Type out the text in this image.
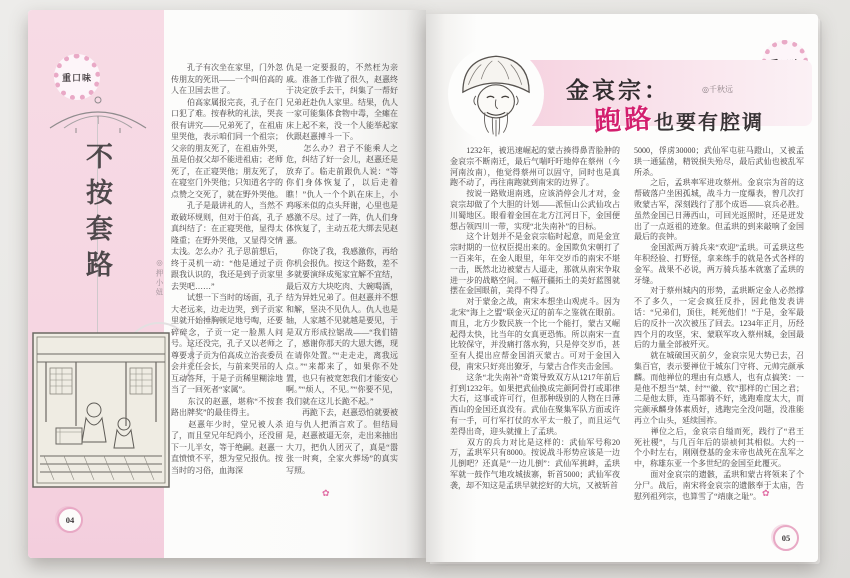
重口味
不按套路	◎押小妞
04

　　孔子有次坐在家里，门外忽传朋友的死讯——一个叫伯高的人在卫国去世了。

　　伯高家属报完丧，孔子在门口犯了难。按春秋的礼法，哭丧很有讲究——兄弟死了，在祖庙里哭他，表示咱们同一个祖宗；父亲的朋友死了，在祖庙外哭，虽是伯叔父却不能进祖庙；老师死了，在正寝哭他；朋友死了，在寝室门外哭他；只知道名字的点赞之交死了，就在野外哭他。

　　孔子是最讲礼的人，当然不敢破坏规则，但对于伯高，孔子真纠结了：在正寝哭他，显得太隆重；在野外哭他，又显得交情太浅。怎么办？孔子思前想后，终于灵机一动：“他是通过子贡跟我认识的，我还是到子贡家里去哭吧……”

　　试想一下当时的场面，孔子大老远来，边走边哭，到子贡家里就开始捶胸顿足地号啕，还要碎碎念，子贡一定一脸黑人问号。这还没完，孔子又以老师之尊要求子贡为伯高成立治丧委员会并充任会长，与前来哭吊的人互动答拜，于是子贡稀里糊涂地当了一回死者“家属”。

　　东汉的赵憙，堪称“不按套路出牌奖”的最佳得主。

　　赵憙年少时，堂兄被人杀了，而且堂兄年纪尚小，还没留下一儿半女，等于绝嗣。赵憙一直愤愤不平，想为堂兄报仇。按当时的习俗，血海深

仇是一定要报的，不然枉为亲戚。准备工作做了很久，赵憙终于决定放手去干，纠集了一帮好兄弟赶赴仇人家里。结果，仇人一家可能集体食物中毒，全瘫在床上起不来，没一个人能举起家伙跟赵憙搏斗一下。

　　怎么办？君子不能乘人之危，纠结了好一会儿，赵憙还是放弃了。临走前跟仇人说：“等你们身体恢复了，以后走着瞧！”仇人一个个趴在床上，小鸡啄米似的点头拜谢，心里也是感激不尽。过了一阵，仇人们身体恢复了，主动五花大绑去见赵憙。

　　你饶了我，我感激你，再给你机会报仇。按这个路数，差不多就要演绎成冤家宜解不宜结，最后双方大块吃肉、大碗喝酒，结为异姓兄弟了。但赵憙并不想和解，坚决不见仇人。仇人也是轴，人家越不见就越是要见，于是双方形成拉锯战——“我们错了，感谢你那天的大恩大德，现在请你处置。”“走走走，离我远点。”“来都来了，如果你不处置，也只有被宽恕我们才能安心啊。”“烦人，不见。”“你要不见，我们就在这儿长跪不起。”

　　再跪下去，赵憙恐怕就要被迫与仇人把酒言欢了。但结局是，赵憙被逼无奈，走出来抽出大刀，把仇人团灭了，真是“嚣张一时爽，全家火葬场”的真实写照。

✿
金哀宗：	◎千秋远
跑路也要有腔调

　　1232年，被迅速崛起的蒙古揍得鼻青脸肿的金哀宗不断南迁，最后气喘吁吁地停在蔡州（今河南汝南），他觉得蔡州可以固守，同时也是真跑不动了，再往南跑就到南宋的边界了。

　　按说一路败退南逃，应该消停会儿才对，金哀宗却做了个大胆的计划——派恒山公武仙攻占川蜀地区。眼看着金国在北方江河日下，金国便想占领四川一带，实现“北失南补”的目标。

　　这个计划并不是金哀宗临时起意，而是金宣宗时期的一位权臣提出来的。金国欺负宋朝打了一百来年，在金人眼里，年年交岁币的南宋不堪一击，既然北边被蒙古人逼走，那就从南宋争取进一步的战略空间。一幅开疆拓土的美好蓝图就摆在金国眼前，美得不得了。

　　对于蒙金之战，南宋本想坐山观虎斗。因为北宋“海上之盟”联金灭辽的前车之鉴就在眼前。而且，北方少数民族一个比一个能打，蒙古又崛起得太快，比当年的女真更恐怖。所以南宋一直比较保守，并没痛打落水狗，只是停交岁币，甚至有人提出应帮金国消灭蒙古。可对于金国入侵，南宋只好亮出獠牙，与蒙古合作夹击金国。

　　这条“北失南补”奇策导致双方从1217年前后打到1232年。如果把武仙换成完颜阿骨打或耶律大石，这事或许可行，但那种级别的人物在日薄西山的金国还真没有。武仙在聚集军队方面或许有一手，可行军打仗的水平太一般了，而且运气差得出奇，迎头就撞上了孟珙。

　　双方的兵力对比是这样的：武仙军号称20万，孟珙军只有8000。按说战斗形势应该是一边儿倒吧？还真是“一边儿倒”：武仙军挑衅，孟珙军就一鼓作气地攻城拔寨，斩首5000；武仙军夜袭，却不知这是孟珙早就挖好的大坑，又被斩首

5000，俘虏30000；武仙军屯驻马蹬山，又被孟珙一通猛凿，精锐损失殆尽，最后武仙也被乱军所杀。

　　之后，孟珙率军进攻蔡州。金哀宗为首的这帮破落户坐困孤城，战斗力一度爆表，曾几次打败蒙古军，深刻践行了那个成语——哀兵必胜。虽然金国已日薄西山，可回光返照时，还是迸发出了一点返祖的迹象。但孟珙的到来敲响了金国最后的丧钟。

　　金国派两万骑兵来“欢迎”孟珙。可孟珙这些年积经验、打野怪，拿来练手的就是各式各样的金军。战果不必说，两万骑兵基本就塞了孟珙的牙缝。

　　对于蔡州城内的形势，孟珙断定金人必然撑不了多久，一定会疯狂反扑，因此他发表讲话：“兄弟们，顶住，耗死他们！”于是，金军最后的反扑一次次被压了回去。1234年正月，历经四个月的攻坚，宋、蒙联军攻入蔡州城，金国最后的力量全部被歼灭。

　　就在城破国灭前夕，金哀宗见大势已去，召集百官，表示要禅位于城东门守将、元帅完颜承麟。而他禅位的理由有点感人，也有点搞笑：一是他不想当“桀、纣”“徽、钦”那样的亡国之君；二是他太胖，连马都骑不好，逃跑难度太大，而完颜承麟身体素质好，逃跑完全没问题，没准能再立个山头，延续国祚。

　　禅位之后，金哀宗自缢而死，践行了“君王死社稷”，与几百年后的崇祯何其相似。大约一个小时左右，刚刚登基的金末帝也战死在乱军之中，称雄东亚一个多世纪的金国至此覆灭。

　　面对金哀宗的遗骸，孟珙和蒙古将领来了个分尸。战后，南宋将金哀宗的遗骸奉于太庙，告慰列祖列宗，也算雪了“靖康之耻”。 ✿
05
